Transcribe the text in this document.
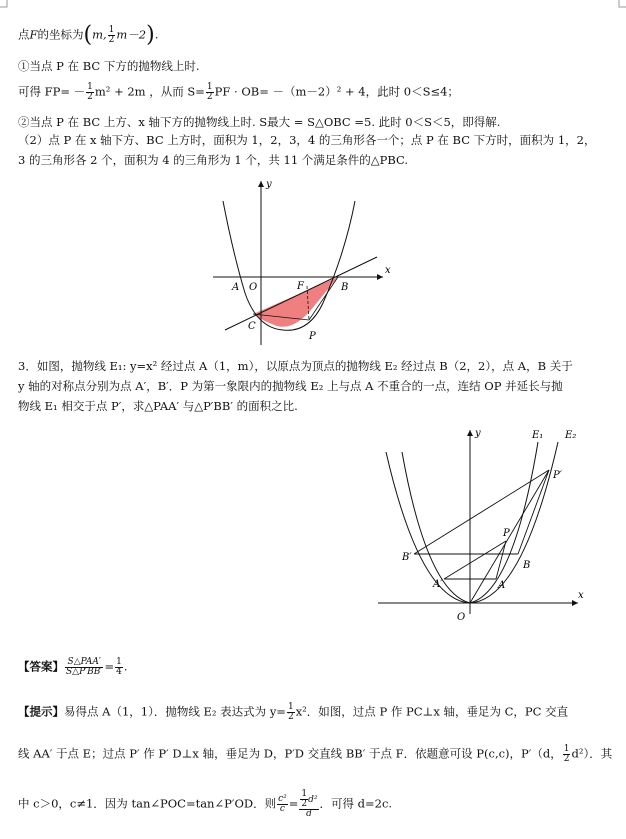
点F的坐标为(m, $\frac{1}{2} m-2$).
①当点 P 在 BC 下方的抛物线上时.
可得 $FP= - \frac{1}{2} m^2 + 2m$ ，从而 $S= \frac{1}{2}$ PF · OB= －（m－2）² + 4，此时 0＜S≤4；
②当点 P 在 BC 上方、x 轴下方的抛物线上时. S最大 = S△OBC =5. 此时 0＜S＜5，即得解.
（2）点 P 在 x 轴下方、BC 上方时，面积为 1，2，3，4 的三角形各一个；点 P 在 BC 下方时，面积为 1，2，
3 的三角形各 2 个，面积为 4 的三角形为 1 个，共 11 个满足条件的△PBC.
y
x
A O	F	B
C
P
3．如图，抛物线 E₁: y=x² 经过点 A（1，m），以原点为顶点的抛物线 E₂ 经过点 B（2，2），点 A，B 关于
y 轴的对称点分别为点 A′，B′．P 为第一象限内的抛物线 E₂ 上与点 A 不重合的一点，连结 OP 并延长与抛
物线 E₁ 相交于点 P′，求△PAA′ 与△P′BB′ 的面积之比.
y
x
E₁ E₂
P′
P
B′
B
A′	A
O
【答案】 $\frac{\text{S△PAA′}}{S\triangle P'BB'} = \frac{1}{4}$ .
【提示】易得点 A（1，1）．抛物线 E₂ 表达式为 $y= \frac{1}{2} x^2$．如图，过点 P 作 PC⊥x 轴，垂足为 C，PC 交直
线 AA′ 于点 E；过点 P′ 作 P′ D⊥x 轴，垂足为 D，P′D 交直线 BB′ 于点 F．依题意可设 P(c,c)，P′（d， $\frac{1}{2} d^2$）．其
中 c＞0，c≠1．因为 tan∠POC=tan∠P′OD．则 $\frac{\text{c²}}{c} = \frac{\frac{1}{2} d^2}{d}$ ．可得 d=2c.
